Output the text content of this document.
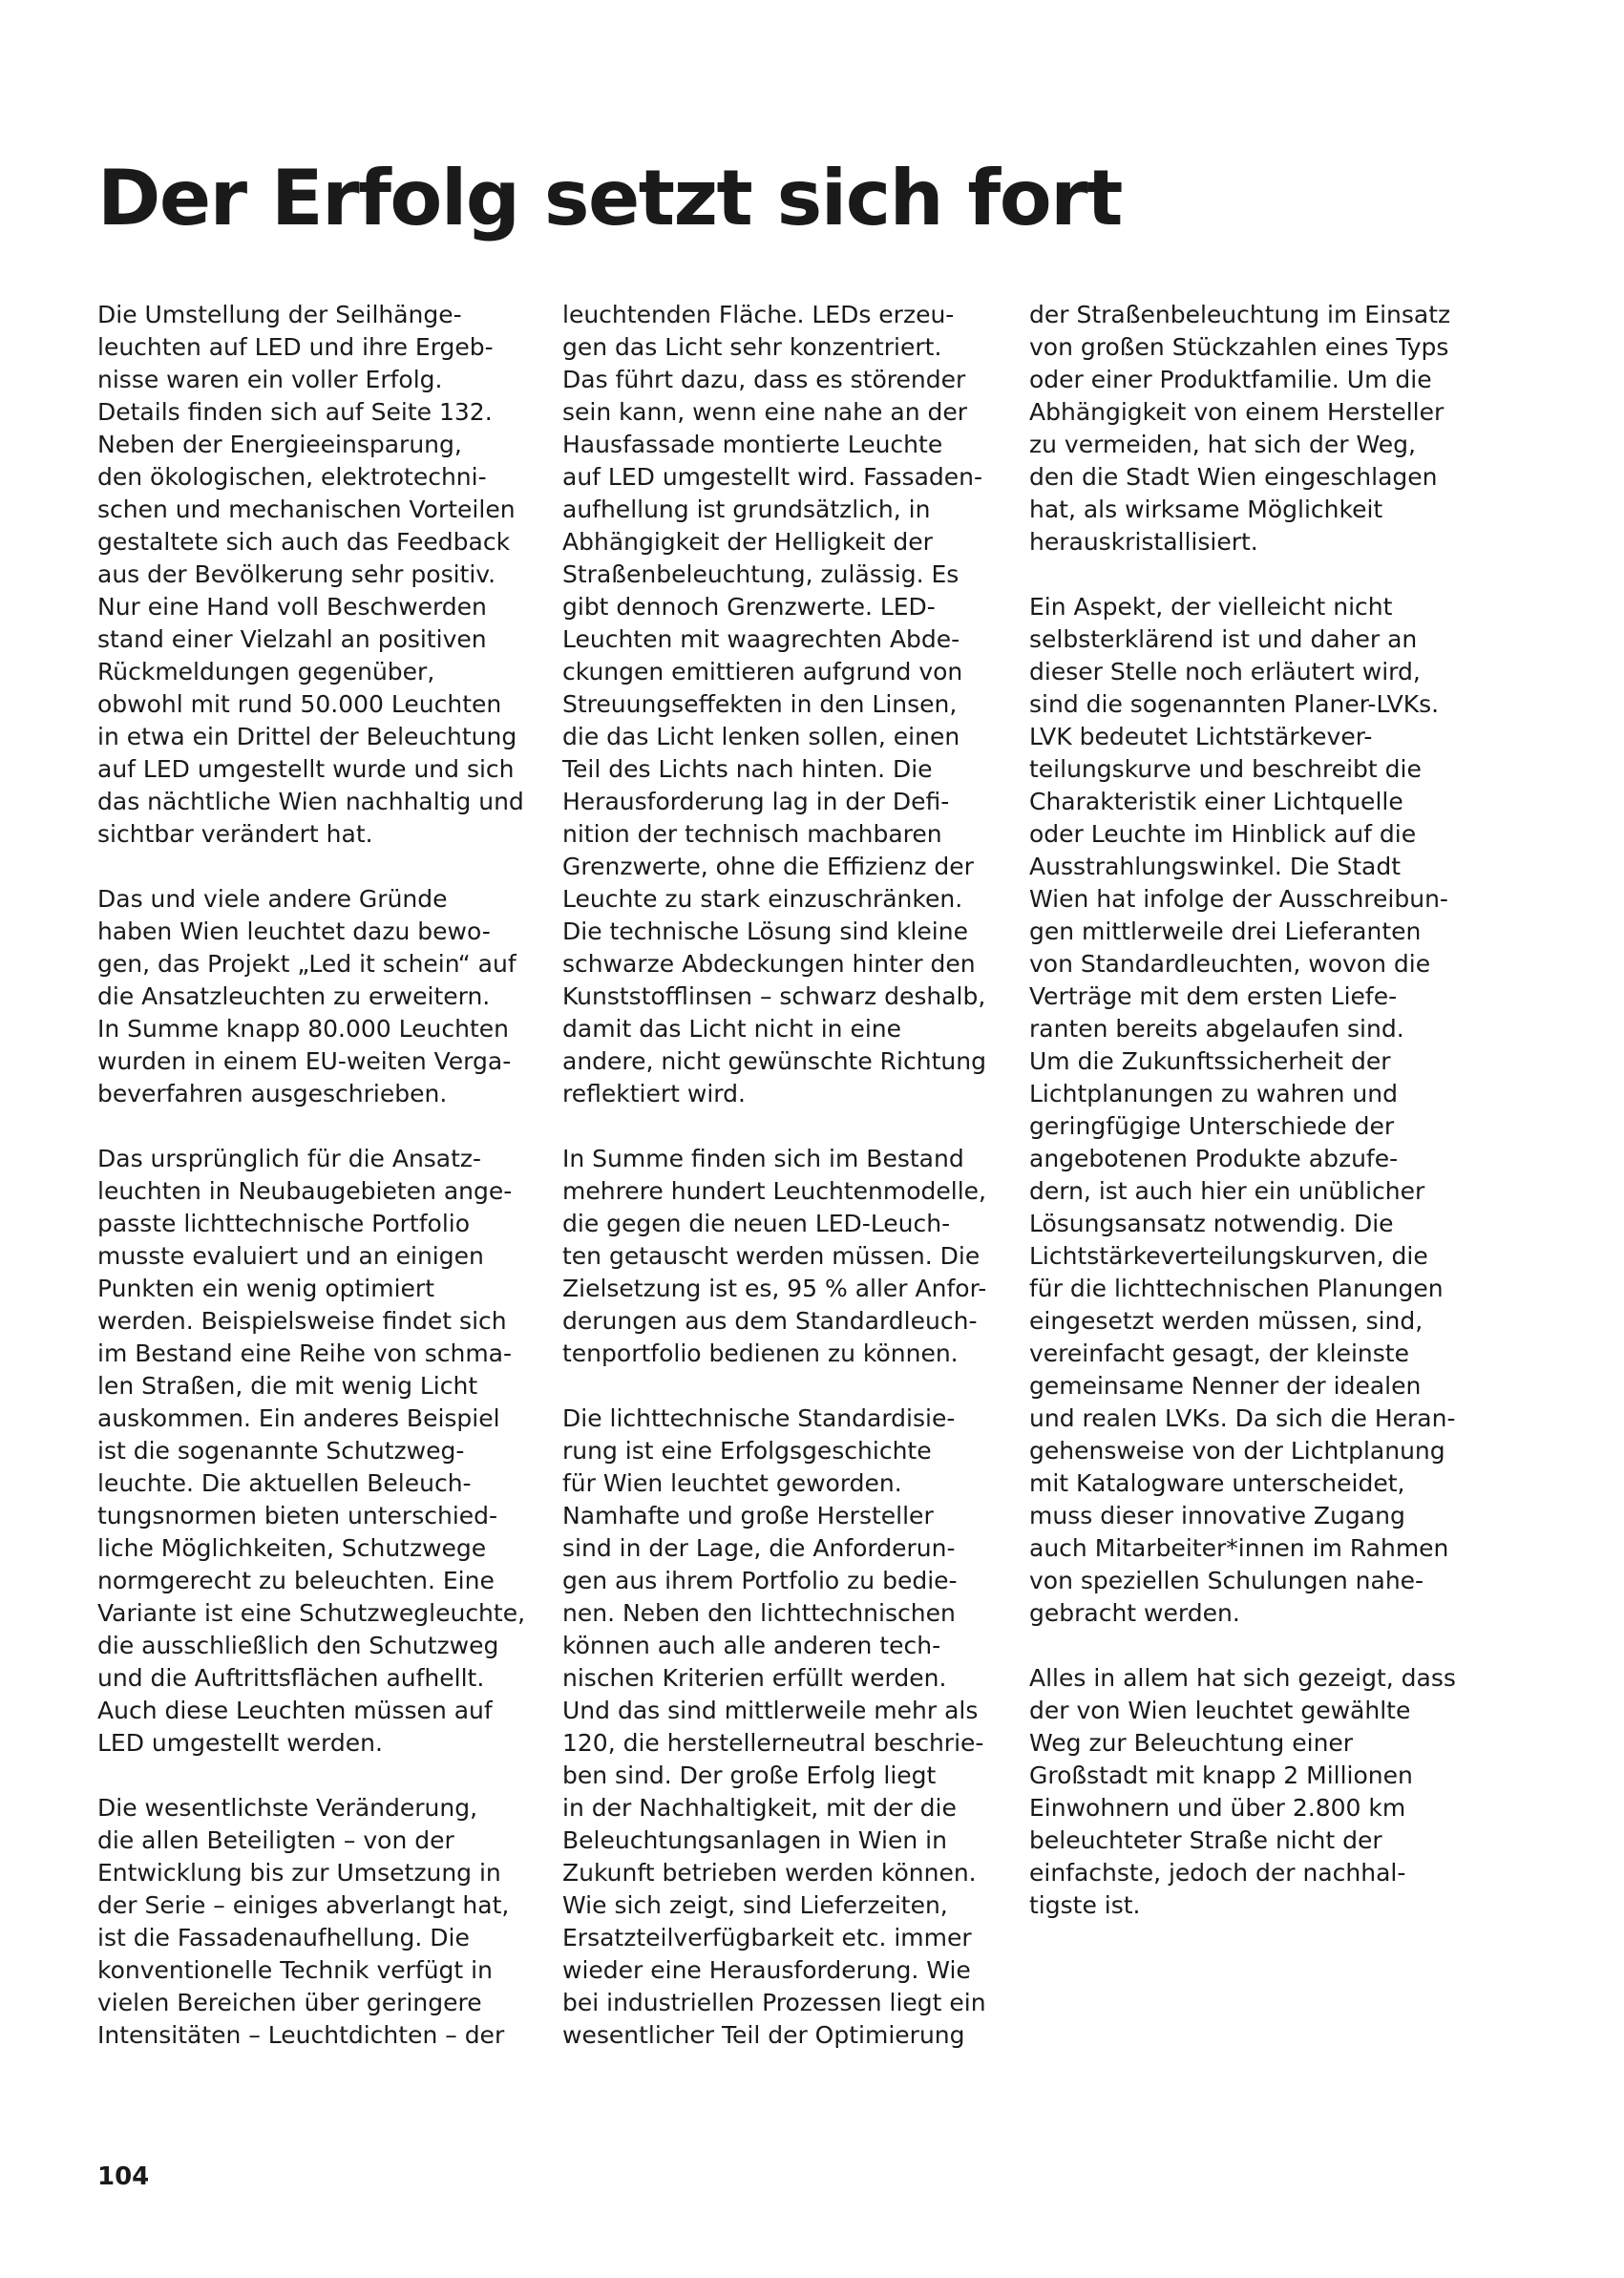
Der Erfolg setzt sich fort
Die Umstellung der Seilhänge-
leuchten auf LED und ihre Ergeb-
nisse waren ein voller Erfolg.
Details finden sich auf Seite 132.
Neben der Energieeinsparung,
den ökologischen, elektrotechni-
schen und mechanischen Vorteilen
gestaltete sich auch das Feedback
aus der Bevölkerung sehr positiv.
Nur eine Hand voll Beschwerden
stand einer Vielzahl an positiven
Rückmeldungen gegenüber,
obwohl mit rund 50.000 Leuchten
in etwa ein Drittel der Beleuchtung
auf LED umgestellt wurde und sich
das nächtliche Wien nachhaltig und
sichtbar verändert hat.
Das und viele andere Gründe
haben Wien leuchtet dazu bewo-
gen, das Projekt „Led it schein“ auf
die Ansatzleuchten zu erweitern.
In Summe knapp 80.000 Leuchten
wurden in einem EU-weiten Verga-
beverfahren ausgeschrieben.
Das ursprünglich für die Ansatz-
leuchten in Neubaugebieten ange-
passte lichttechnische Portfolio
musste evaluiert und an einigen
Punkten ein wenig optimiert
werden. Beispielsweise findet sich
im Bestand eine Reihe von schma-
len Straßen, die mit wenig Licht
auskommen. Ein anderes Beispiel
ist die sogenannte Schutzweg-
leuchte. Die aktuellen Beleuch-
tungsnormen bieten unterschied-
liche Möglichkeiten, Schutzwege
normgerecht zu beleuchten. Eine
Variante ist eine Schutzwegleuchte,
die ausschließlich den Schutzweg
und die Auftrittsflächen aufhellt.
Auch diese Leuchten müssen auf
LED umgestellt werden.
Die wesentlichste Veränderung,
die allen Beteiligten – von der
Entwicklung bis zur Umsetzung in
der Serie – einiges abverlangt hat,
ist die Fassadenaufhellung. Die
konventionelle Technik verfügt in
vielen Bereichen über geringere
Intensitäten – Leuchtdichten – der
leuchtenden Fläche. LEDs erzeu-
gen das Licht sehr konzentriert.
Das führt dazu, dass es störender
sein kann, wenn eine nahe an der
Hausfassade montierte Leuchte
auf LED umgestellt wird. Fassaden-
aufhellung ist grundsätzlich, in
Abhängigkeit der Helligkeit der
Straßenbeleuchtung, zulässig. Es
gibt dennoch Grenzwerte. LED-
Leuchten mit waagrechten Abde-
ckungen emittieren aufgrund von
Streuungseffekten in den Linsen,
die das Licht lenken sollen, einen
Teil des Lichts nach hinten. Die
Herausforderung lag in der Defi-
nition der technisch machbaren
Grenzwerte, ohne die Effizienz der
Leuchte zu stark einzuschränken.
Die technische Lösung sind kleine
schwarze Abdeckungen hinter den
Kunststofflinsen – schwarz deshalb,
damit das Licht nicht in eine
andere, nicht gewünschte Richtung
reflektiert wird.
In Summe finden sich im Bestand
mehrere hundert Leuchtenmodelle,
die gegen die neuen LED-Leuch-
ten getauscht werden müssen. Die
Zielsetzung ist es, 95 % aller Anfor-
derungen aus dem Standardleuch-
tenportfolio bedienen zu können.
Die lichttechnische Standardisie-
rung ist eine Erfolgsgeschichte
für Wien leuchtet geworden.
Namhafte und große Hersteller
sind in der Lage, die Anforderun-
gen aus ihrem Portfolio zu bedie-
nen. Neben den lichttechnischen
können auch alle anderen tech-
nischen Kriterien erfüllt werden.
Und das sind mittlerweile mehr als
120, die herstellerneutral beschrie-
ben sind. Der große Erfolg liegt
in der Nachhaltigkeit, mit der die
Beleuchtungsanlagen in Wien in
Zukunft betrieben werden können.
Wie sich zeigt, sind Lieferzeiten,
Ersatzteilverfügbarkeit etc. immer
wieder eine Herausforderung. Wie
bei industriellen Prozessen liegt ein
wesentlicher Teil der Optimierung
der Straßenbeleuchtung im Einsatz
von großen Stückzahlen eines Typs
oder einer Produktfamilie. Um die
Abhängigkeit von einem Hersteller
zu vermeiden, hat sich der Weg,
den die Stadt Wien eingeschlagen
hat, als wirksame Möglichkeit
herauskristallisiert.
Ein Aspekt, der vielleicht nicht
selbsterklärend ist und daher an
dieser Stelle noch erläutert wird,
sind die sogenannten Planer-LVKs.
LVK bedeutet Lichtstärkever-
teilungskurve und beschreibt die
Charakteristik einer Lichtquelle
oder Leuchte im Hinblick auf die
Ausstrahlungswinkel. Die Stadt
Wien hat infolge der Ausschreibun-
gen mittlerweile drei Lieferanten
von Standardleuchten, wovon die
Verträge mit dem ersten Liefe-
ranten bereits abgelaufen sind.
Um die Zukunftssicherheit der
Lichtplanungen zu wahren und
geringfügige Unterschiede der
angebotenen Produkte abzufe-
dern, ist auch hier ein unüblicher
Lösungsansatz notwendig. Die
Lichtstärkeverteilungskurven, die
für die lichttechnischen Planungen
eingesetzt werden müssen, sind,
vereinfacht gesagt, der kleinste
gemeinsame Nenner der idealen
und realen LVKs. Da sich die Heran-
gehensweise von der Lichtplanung
mit Katalogware unterscheidet,
muss dieser innovative Zugang
auch Mitarbeiter*innen im Rahmen
von speziellen Schulungen nahe-
gebracht werden.
Alles in allem hat sich gezeigt, dass
der von Wien leuchtet gewählte
Weg zur Beleuchtung einer
Großstadt mit knapp 2 Millionen
Einwohnern und über 2.800 km
beleuchteter Straße nicht der
einfachste, jedoch der nachhal-
tigste ist.
104
